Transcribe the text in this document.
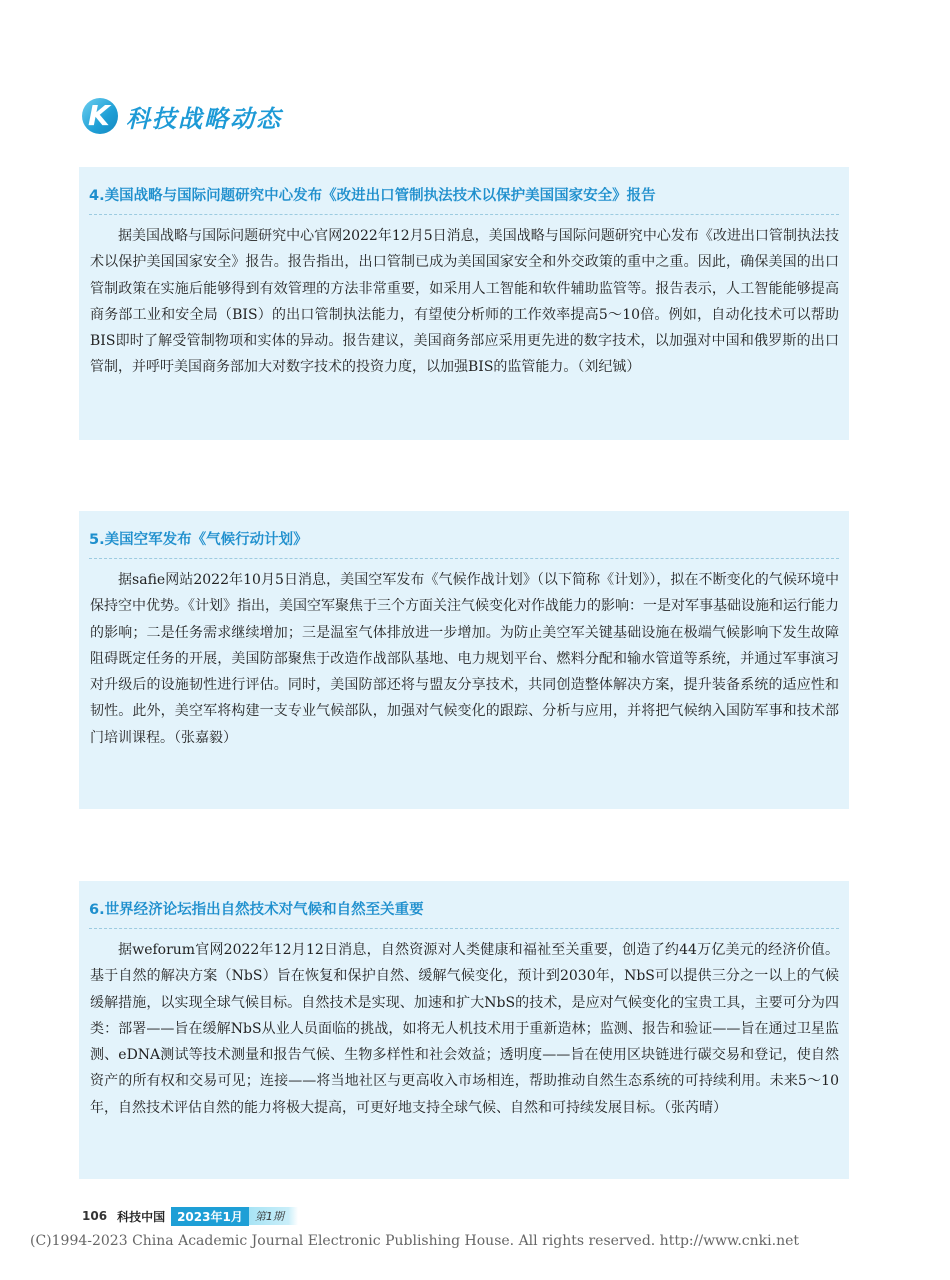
K 科技战略动态
4.美国战略与国际问题研究中心发布《改进出口管制执法技术以保护美国国家安全》报告

据美国战略与国际问题研究中心官网2022年12月5日消息，美国战略与国际问题研究中心发布《改进出口管制执法技术以保护美国国家安全》报告。报告指出，出口管制已成为美国国家安全和外交政策的重中之重。因此，确保美国的出口管制政策在实施后能够得到有效管理的方法非常重要，如采用人工智能和软件辅助监管等。报告表示，人工智能能够提高商务部工业和安全局（BIS）的出口管制执法能力，有望使分析师的工作效率提高5～10倍。例如，自动化技术可以帮助BIS即时了解受管制物项和实体的异动。报告建议，美国商务部应采用更先进的数字技术，以加强对中国和俄罗斯的出口管制，并呼吁美国商务部加大对数字技术的投资力度，以加强BIS的监管能力。（刘纪铖）

5.美国空军发布《气候行动计划》

据safie网站2022年10月5日消息，美国空军发布《气候作战计划》（以下简称《计划》），拟在不断变化的气候环境中保持空中优势。《计划》指出，美国空军聚焦于三个方面关注气候变化对作战能力的影响：一是对军事基础设施和运行能力的影响；二是任务需求继续增加；三是温室气体排放进一步增加。为防止美空军关键基础设施在极端气候影响下发生故障阻碍既定任务的开展，美国防部聚焦于改造作战部队基地、电力规划平台、燃料分配和输水管道等系统，并通过军事演习对升级后的设施韧性进行评估。同时，美国防部还将与盟友分享技术，共同创造整体解决方案，提升装备系统的适应性和韧性。此外，美空军将构建一支专业气候部队，加强对气候变化的跟踪、分析与应用，并将把气候纳入国防军事和技术部门培训课程。（张嘉毅）

6.世界经济论坛指出自然技术对气候和自然至关重要

据weforum官网2022年12月12日消息，自然资源对人类健康和福祉至关重要，创造了约44万亿美元的经济价值。基于自然的解决方案（NbS）旨在恢复和保护自然、缓解气候变化，预计到2030年，NbS可以提供三分之一以上的气候缓解措施，以实现全球气候目标。自然技术是实现、加速和扩大NbS的技术，是应对气候变化的宝贵工具，主要可分为四类：部署——旨在缓解NbS从业人员面临的挑战，如将无人机技术用于重新造林；监测、报告和验证——旨在通过卫星监测、eDNA测试等技术测量和报告气候、生物多样性和社会效益；透明度——旨在使用区块链进行碳交易和登记，使自然资产的所有权和交易可见；连接——将当地社区与更高收入市场相连，帮助推动自然生态系统的可持续利用。未来5～10年，自然技术评估自然的能力将极大提高，可更好地支持全球气候、自然和可持续发展目标。（张芮晴）

106 科技中国	2023年1月	第1期
(C)1994-2023 China Academic Journal Electronic Publishing House. All rights reserved. http://www.cnki.net
